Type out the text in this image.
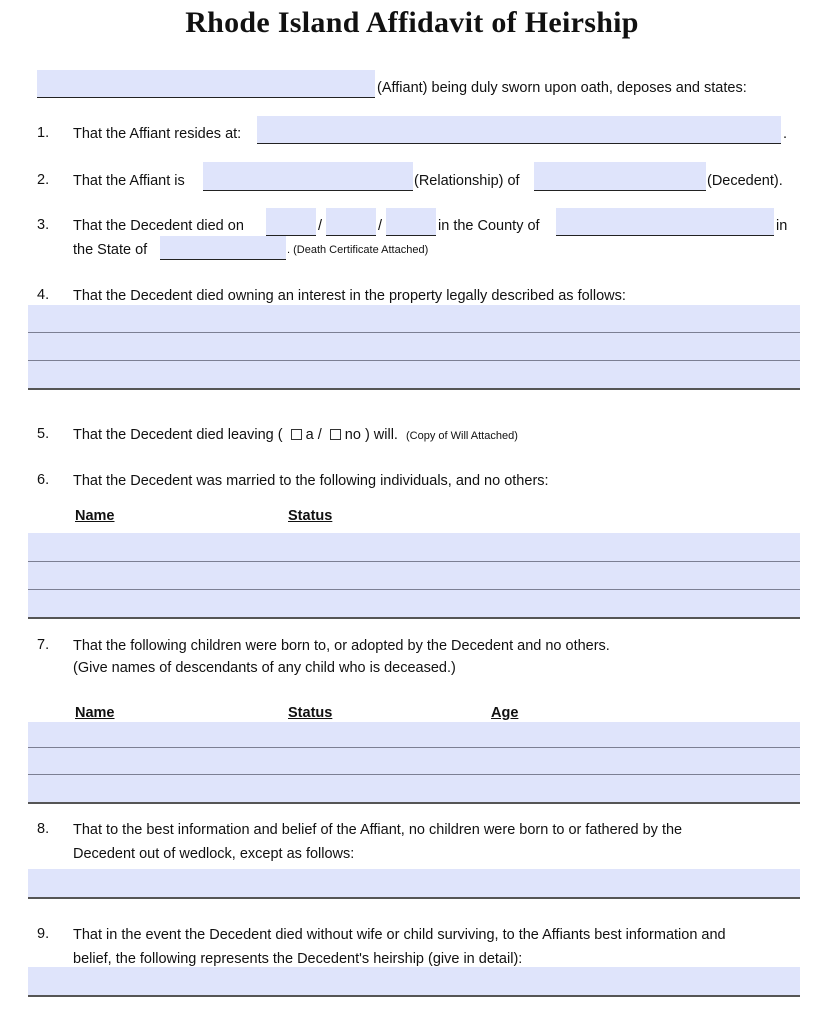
Rhode Island Affidavit of Heirship
(Affiant) being duly sworn upon oath, deposes and states:
1. That the Affiant resides at:	.
2. That the Affiant is	(Relationship) of	(Decedent).
3. That the Decedent died on	/	/	in the County of	in
the State of	. (Death Certificate Attached)
4. That the Decedent died owning an interest in the property legally described as follows:
5. That the Decedent died leaving ( a / no ) will. (Copy of Will Attached)
6. That the Decedent was married to the following individuals, and no others:
Name	Status
7. That the following children were born to, or adopted by the Decedent and no others.
(Give names of descendants of any child who is deceased.)
Name	Status	Age
8. That to the best information and belief of the Affiant, no children were born to or fathered by the
Decedent out of wedlock, except as follows:
9. That in the event the Decedent died without wife or child surviving, to the Affiants best information and
belief, the following represents the Decedent's heirship (give in detail):
